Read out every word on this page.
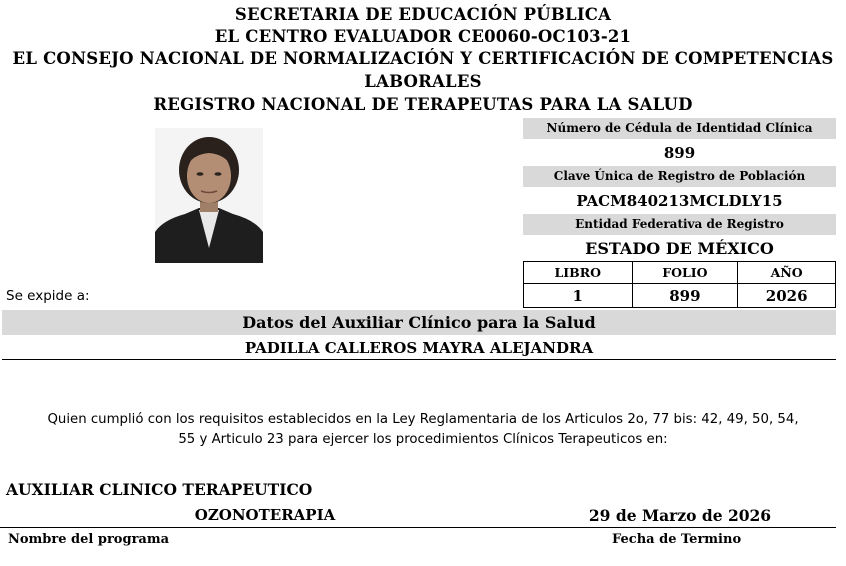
SECRETARIA DE EDUCACIÓN PÚBLICA
EL CENTRO EVALUADOR CE0060-OC103-21
EL CONSEJO NACIONAL DE NORMALIZACIÓN Y CERTIFICACIÓN DE COMPETENCIAS
LABORALES
REGISTRO NACIONAL DE TERAPEUTAS PARA LA SALUD
Número de Cédula de Identidad Clínica
899
Clave Única de Registro de Población
PACM840213MCLDLY15
Entidad Federativa de Registro
ESTADO DE MÉXICO
LIBRO	FOLIO	AÑO
1	899	2026
Se expide a:
Datos del Auxiliar Clínico para la Salud
PADILLA CALLEROS MAYRA ALEJANDRA
Quien cumplió con los requisitos establecidos en la Ley Reglamentaria de los Articulos 2o, 77 bis: 42, 49, 50, 54,
55 y Articulo 23 para ejercer los procedimientos Clínicos Terapeuticos en:
AUXILIAR CLINICO TERAPEUTICO
OZONOTERAPIA	29 de Marzo de 2026
Nombre del programa	Fecha de Termino
